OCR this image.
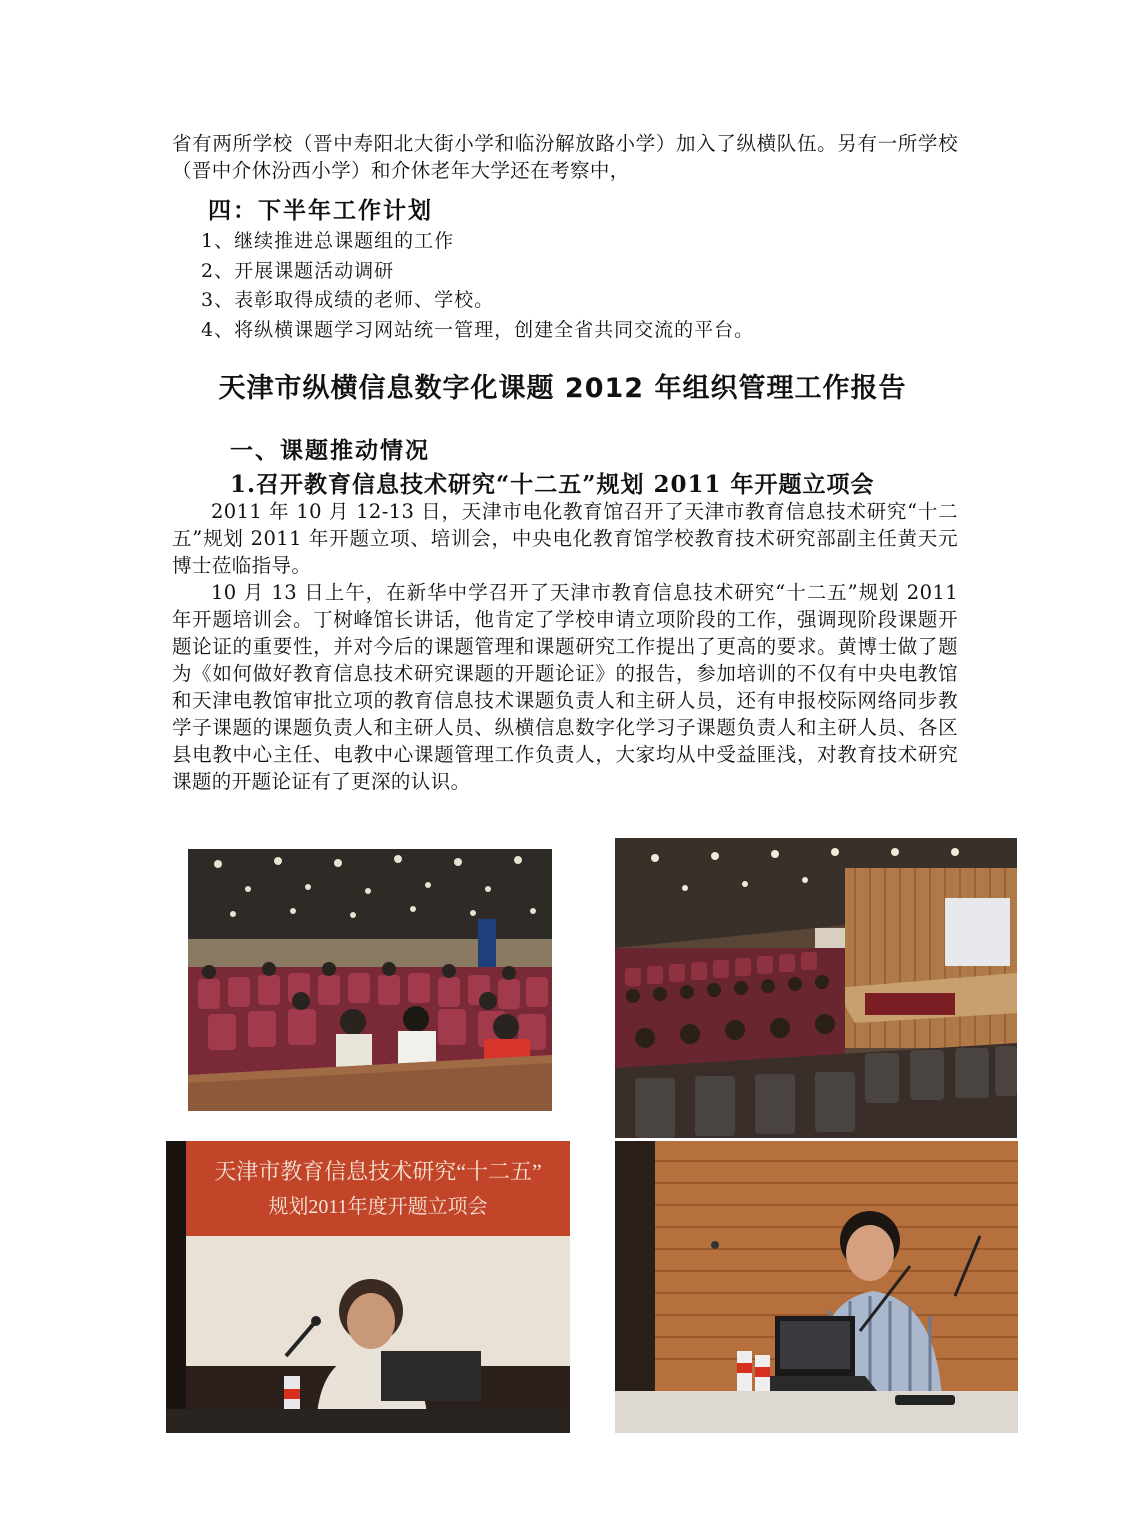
省有两所学校（晋中寿阳北大街小学和临汾解放路小学）加入了纵横队伍。另有一所学校（晋中介休汾西小学）和介休老年大学还在考察中，

四：下半年工作计划
1、继续推进总课题组的工作
2、开展课题活动调研
3、表彰取得成绩的老师、学校。
4、将纵横课题学习网站统一管理，创建全省共同交流的平台。
天津市纵横信息数字化课题 2012 年组织管理工作报告
一、课题推动情况
1.召开教育信息技术研究“十二五”规划 2011 年开题立项会

2011 年 10 月 12-13 日，天津市电化教育馆召开了天津市教育信息技术研究“十二五”规划 2011 年开题立项、培训会，中央电化教育馆学校教育技术研究部副主任黄天元博士莅临指导。

10 月 13 日上午，在新华中学召开了天津市教育信息技术研究“十二五”规划 2011 年开题培训会。丁树峰馆长讲话，他肯定了学校申请立项阶段的工作，强调现阶段课题开题论证的重要性，并对今后的课题管理和课题研究工作提出了更高的要求。黄博士做了题为《如何做好教育信息技术研究课题的开题论证》的报告，参加培训的不仅有中央电教馆和天津电教馆审批立项的教育信息技术课题负责人和主研人员，还有申报校际网络同步教学子课题的课题负责人和主研人员、纵横信息数字化学习子课题负责人和主研人员、各区县电教中心主任、电教中心课题管理工作负责人，大家均从中受益匪浅，对教育技术研究课题的开题论证有了更深的认识。

天津市教育信息技术研究“十二五”
规划2011年度开题立项会
